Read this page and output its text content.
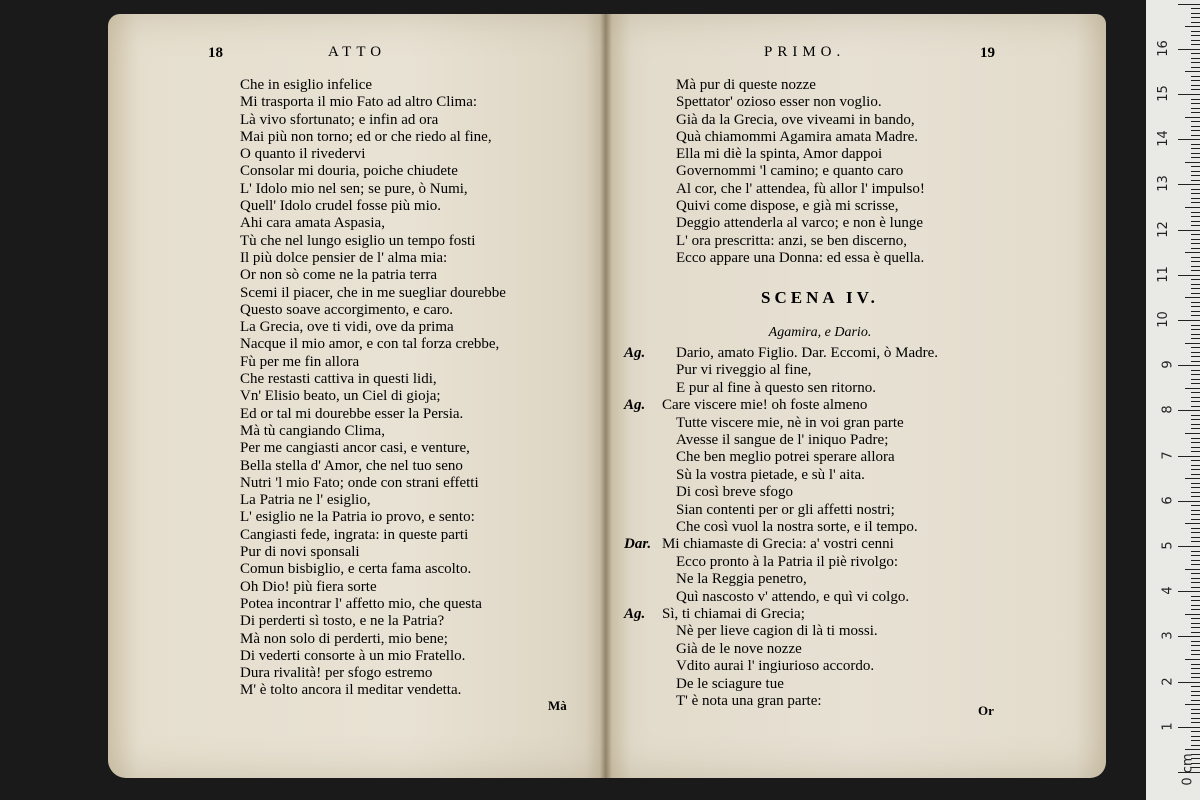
18	ATTO
Che in esiglio infelice
Mi trasporta il mio Fato ad altro Clima:
Là vivo sfortunato; e infin ad ora
Mai più non torno; ed or che riedo al fine,
O quanto il rivedervi
Consolar mi douria, poiche chiudete
L' Idolo mio nel sen; se pure, ò Numi,
Quell' Idolo crudel fosse più mio.
Ahi cara amata Aspasia,
Tù che nel lungo esiglio un tempo fosti
Il più dolce pensier de l' alma mia:
Or non sò come ne la patria terra
Scemi il piacer, che in me suegliar dourebbe
Questo soave accorgimento, e caro.
La Grecia, ove ti vidi, ove da prima
Nacque il mio amor, e con tal forza crebbe,
Fù per me fin allora
Che restasti cattiva in questi lidi,
Vn' Elisio beato, un Ciel di gioja;
Ed or tal mi dourebbe esser la Persia.
Mà tù cangiando Clima,
Per me cangiasti ancor casi, e venture,
Bella stella d' Amor, che nel tuo seno
Nutri 'l mio Fato; onde con strani effetti
La Patria ne l' esiglio,
L' esiglio ne la Patria io provo, e sento:
Cangiasti fede, ingrata: in queste parti
Pur di novi sponsali
Comun bisbiglio, e certa fama ascolto.
Oh Dio! più fiera sorte
Potea incontrar l' affetto mio, che questa
Di perderti sì tosto, e ne la Patria?
Mà non solo di perderti, mio bene;
Di vederti consorte à un mio Fratello.
Dura rivalità! per sfogo estremo
M' è tolto ancora il meditar vendetta.
Mà
PRIMO.	19
Mà pur di queste nozze
Spettator' ozioso esser non voglio.
Già da la Grecia, ove viveami in bando,
Quà chiamommi Agamira amata Madre.
Ella mi diè la spinta, Amor dappoi
Governommi 'l camino; e quanto caro
Al cor, che l' attendea, fù allor l' impulso!
Quivi come dispose, e già mi scrisse,
Deggio attenderla al varco; e non è lunge
L' ora prescritta: anzi, se ben discerno,
Ecco appare una Donna: ed essa è quella.
SCENA IV.
Agamira, e Dario.
Ag. Dario, amato Figlio. Dar. Eccomi, ò Madre.
Pur vi riveggio al fine,
E pur al fine à questo sen ritorno.
Ag. Care viscere mie! oh foste almeno
Tutte viscere mie, nè in voi gran parte
Avesse il sangue de l' iniquo Padre;
Che ben meglio potrei sperare allora
Sù la vostra pietade, e sù l' aita.
Di così breve sfogo
Sian contenti per or gli affetti nostri;
Che così vuol la nostra sorte, e il tempo.
Dar. Mi chiamaste di Grecia: a' vostri cenni
Ecco pronto à la Patria il piè rivolgo:
Ne la Reggia penetro,
Quì nascosto v' attendo, e quì vi colgo.
Ag. Sì, ti chiamai di Grecia;
Nè per lieve cagion di là ti mossi.
Già de le nove nozze
Vdito aurai l' ingiurioso accordo.
De le sciagure tue
T' è nota una gran parte:
Or
0 cm
1
2
3
4
5
6
7
8
9
10
11
12
13
14
15
16
